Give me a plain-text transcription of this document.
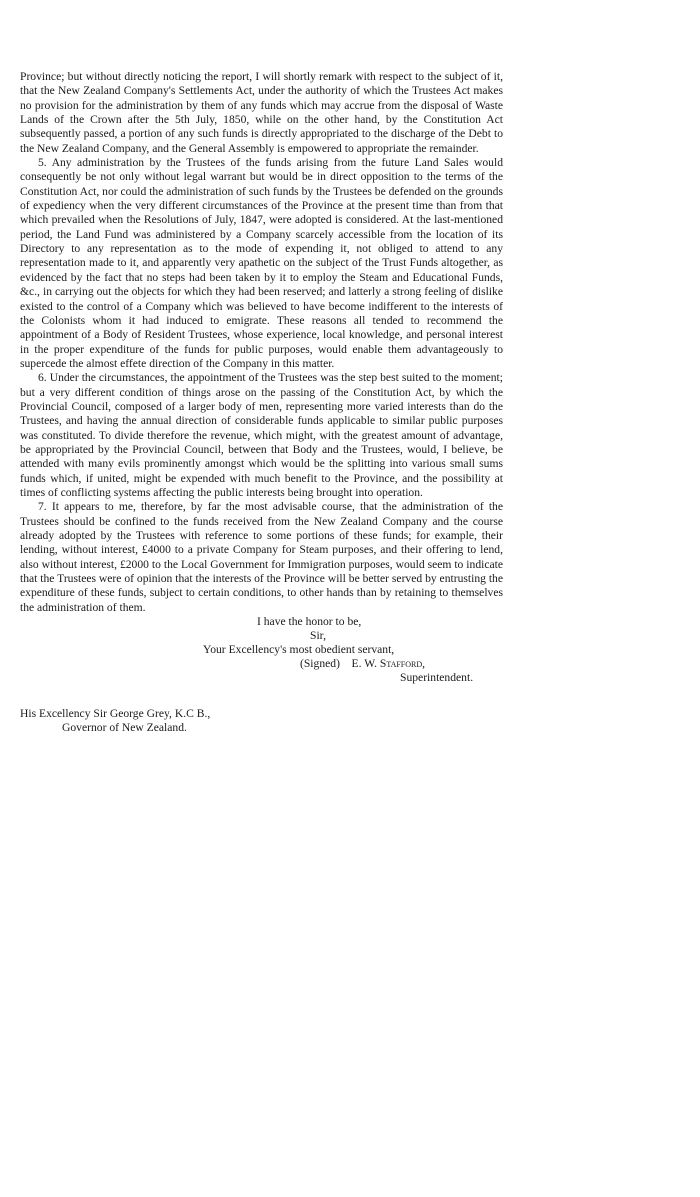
Province; but without directly noticing the report, I will shortly remark with respect to the subject of it, that the New Zealand Company's Settlements Act, under the authority of which the Trustees Act makes no provision for the administration by them of any funds which may accrue from the disposal of Waste Lands of the Crown after the 5th July, 1850, while on the other hand, by the Constitution Act subsequently passed, a portion of any such funds is directly appropriated to the discharge of the Debt to the New Zealand Company, and the General Assembly is empowered to appropriate the remainder.

5. Any administration by the Trustees of the funds arising from the future Land Sales would consequently be not only without legal warrant but would be in direct opposition to the terms of the Constitution Act, nor could the administration of such funds by the Trustees be defended on the grounds of expediency when the very different circumstances of the Province at the present time than from that which prevailed when the Resolutions of July, 1847, were adopted is considered. At the last-mentioned period, the Land Fund was administered by a Company scarcely accessible from the location of its Directory to any representation as to the mode of expending it, not obliged to attend to any representation made to it, and apparently very apathetic on the subject of the Trust Funds altogether, as evidenced by the fact that no steps had been taken by it to employ the Steam and Educational Funds, &c., in carrying out the objects for which they had been reserved; and latterly a strong feeling of dislike existed to the control of a Company which was believed to have become indifferent to the interests of the Colonists whom it had induced to emigrate. These reasons all tended to recommend the appointment of a Body of Resident Trustees, whose experience, local knowledge, and personal interest in the proper expenditure of the funds for public purposes, would enable them advantageously to supercede the almost effete direction of the Company in this matter.

6. Under the circumstances, the appointment of the Trustees was the step best suited to the moment; but a very different condition of things arose on the passing of the Constitution Act, by which the Provincial Council, composed of a larger body of men, representing more varied interests than do the Trustees, and having the annual direction of considerable funds applicable to similar public purposes was constituted. To divide therefore the revenue, which might, with the greatest amount of advantage, be appropriated by the Provincial Council, between that Body and the Trustees, would, I believe, be attended with many evils prominently amongst which would be the splitting into various small sums funds which, if united, might be expended with much benefit to the Province, and the possibility at times of conflicting systems affecting the public interests being brought into operation.

7. It appears to me, therefore, by far the most advisable course, that the administration of the Trustees should be confined to the funds received from the New Zealand Company and the course already adopted by the Trustees with reference to some portions of these funds; for example, their lending, without interest, £4000 to a private Company for Steam purposes, and their offering to lend, also without interest, £2000 to the Local Government for Immigration purposes, would seem to indicate that the Trustees were of opinion that the interests of the Province will be better served by entrusting the expenditure of these funds, subject to certain conditions, to other hands than by retaining to themselves the administration of them.

I have the honor to be,
Sir,
Your Excellency's most obedient servant,
(Signed) E. W. Stafford,
Superintendent.
His Excellency Sir George Grey, K.C B.,
Governor of New Zealand.
